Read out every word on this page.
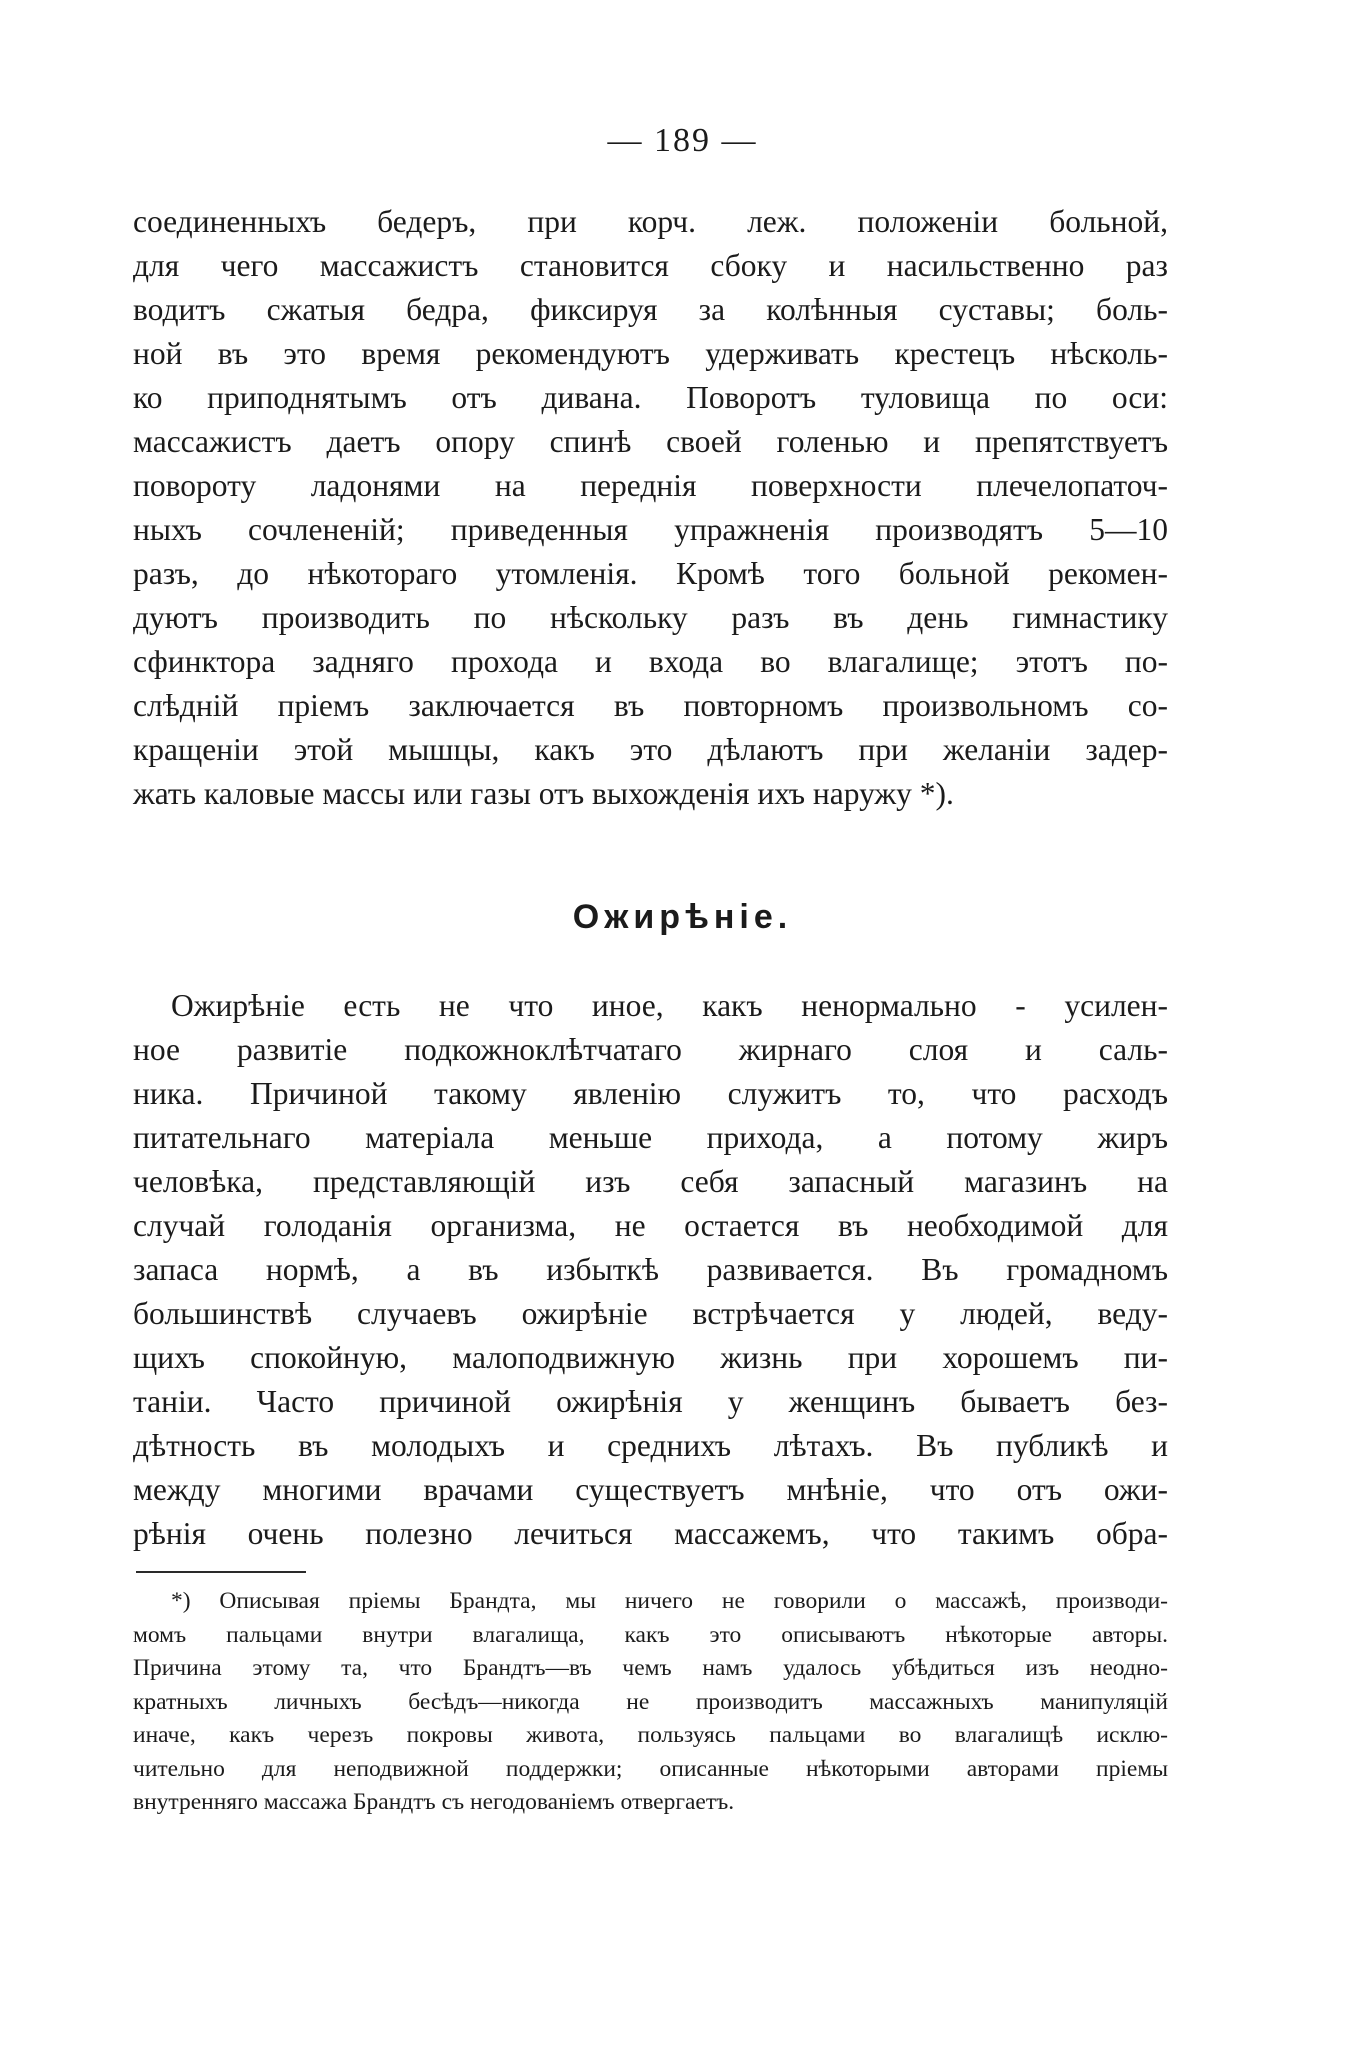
— 189 —
соединенныхъ бедеръ, при корч. леж. положеніи больной,
для чего массажистъ становится сбоку и насильственно раз
водитъ сжатыя бедра, фиксируя за колѣнныя суставы; боль-
ной въ это время рекомендуютъ удерживать крестецъ нѣсколь-
ко приподнятымъ отъ дивана. Поворотъ туловища по оси:
массажистъ даетъ опору спинѣ своей голенью и препятствуетъ
повороту ладонями на переднія поверхности плечелопаточ-
ныхъ сочлененій; приведенныя упражненія производятъ 5—10
разъ, до нѣкотораго утомленія. Кромѣ того больной рекомен-
дуютъ производить по нѣскольку разъ въ день гимнастику
сфинктора задняго прохода и входа во влагалище; этотъ по-
слѣдній пріемъ заключается въ повторномъ произвольномъ со-
кращеніи этой мышцы, какъ это дѣлаютъ при желаніи задер-
жать каловые массы или газы отъ выхожденія ихъ наружу *).
Ожирѣніе.
Ожирѣніе есть не что иное, какъ ненормально - усилен-
ное развитіе подкожноклѣтчатаго жирнаго слоя и саль-
ника. Причиной такому явленію служитъ то, что расходъ
питательнаго матеріала меньше прихода, а потому жиръ
человѣка, представляющій изъ себя запасный магазинъ на
случай голоданія организма, не остается въ необходимой для
запаса нормѣ, а въ избыткѣ развивается. Въ громадномъ
большинствѣ случаевъ ожирѣніе встрѣчается у людей, веду-
щихъ спокойную, малоподвижную жизнь при хорошемъ пи-
таніи. Часто причиной ожирѣнія у женщинъ бываетъ без-
дѣтность въ молодыхъ и среднихъ лѣтахъ. Въ публикѣ и
между многими врачами существуетъ мнѣніе, что отъ ожи-
рѣнія очень полезно лечиться массажемъ, что такимъ обра-
*) Описывая пріемы Брандта, мы ничего не говорили о массажѣ, производи-
момъ пальцами внутри влагалища, какъ это описываютъ нѣкоторые авторы.
Причина этому та, что Брандтъ—въ чемъ намъ удалось убѣдиться изъ неодно-
кратныхъ личныхъ бесѣдъ—никогда не производитъ массажныхъ манипуляцій
иначе, какъ черезъ покровы живота, пользуясь пальцами во влагалищѣ исклю-
чительно для неподвижной поддержки; описанные нѣкоторыми авторами пріемы
внутренняго массажа Брандтъ съ негодованіемъ отвергаетъ.
